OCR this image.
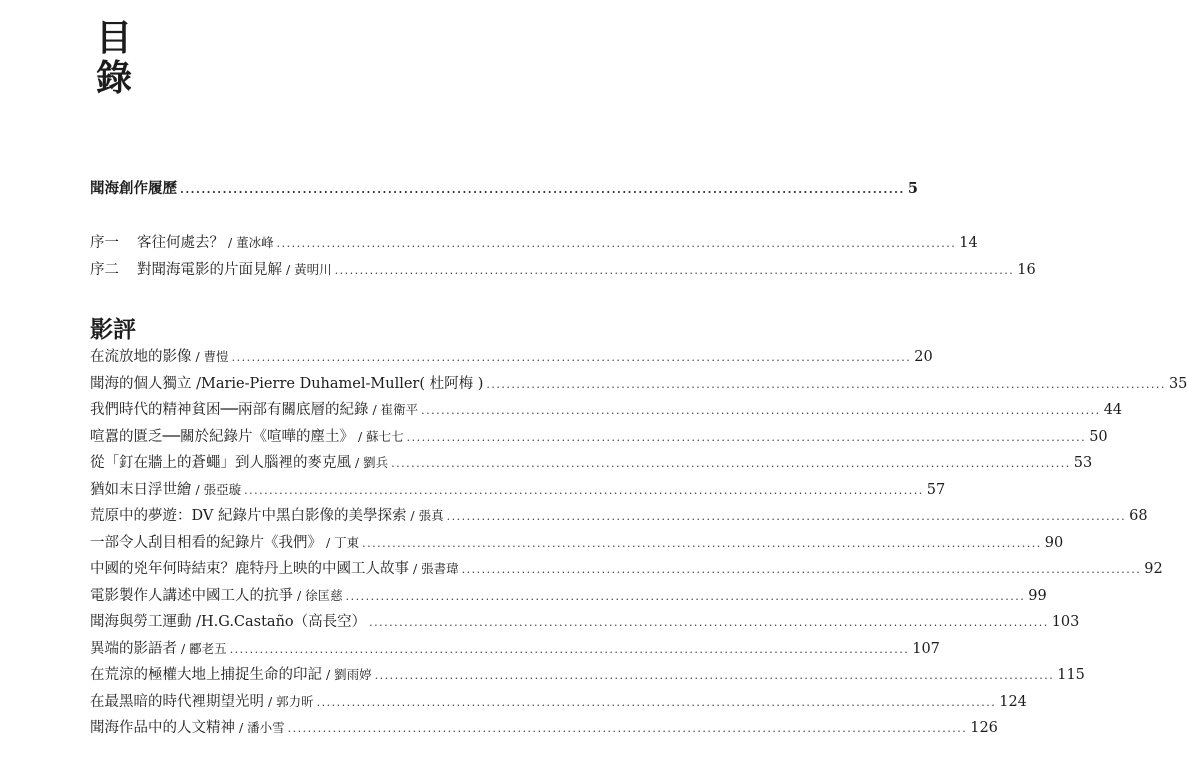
目
錄
聞海創作履歷 ........................................................................................................................................ 5
序一 客往何處去？ / 董冰峰 ........................................................................................................................................ 14
序二 對聞海電影的片面見解 / 黃明川 ........................................................................................................................................ 16
影評
在流放地的影像 / 曹愷 ........................................................................................................................................ 20
聞海的個人獨立 /Marie-Pierre Duhamel-Muller( 杜阿梅 ) ........................................................................................................................................ 35
我們時代的精神貧困──兩部有關底層的紀錄 / 崔衛平 ........................................................................................................................................ 44
喧囂的匱乏──關於紀錄片《喧嘩的塵土》 / 蘇七七 ........................................................................................................................................ 50
從「釘在牆上的蒼蠅」到人腦裡的麥克風 / 劉兵 ........................................................................................................................................ 53
猶如末日浮世繪 / 張亞璇 ........................................................................................................................................ 57
荒原中的夢遊：DV 紀錄片中黑白影像的美學探索 / 張真 ........................................................................................................................................ 68
一部令人刮目相看的紀錄片《我們》 / 丁東 ........................................................................................................................................ 90
中國的兇年何時結束？鹿特丹上映的中國工人故事 / 張書瑋 ........................................................................................................................................ 92
電影製作人講述中國工人的抗爭 / 徐匡慈 ........................................................................................................................................ 99
聞海與勞工運動 /H.G.Castaño（高長空） ........................................................................................................................................ 103
異端的影語者 / 酈老五 ........................................................................................................................................ 107
在荒涼的極權大地上捕捉生命的印記 / 劉雨婷 ........................................................................................................................................ 115
在最黑暗的時代裡期望光明 / 郭力昕 ........................................................................................................................................ 124
聞海作品中的人文精神 / 潘小雪 ........................................................................................................................................ 126
